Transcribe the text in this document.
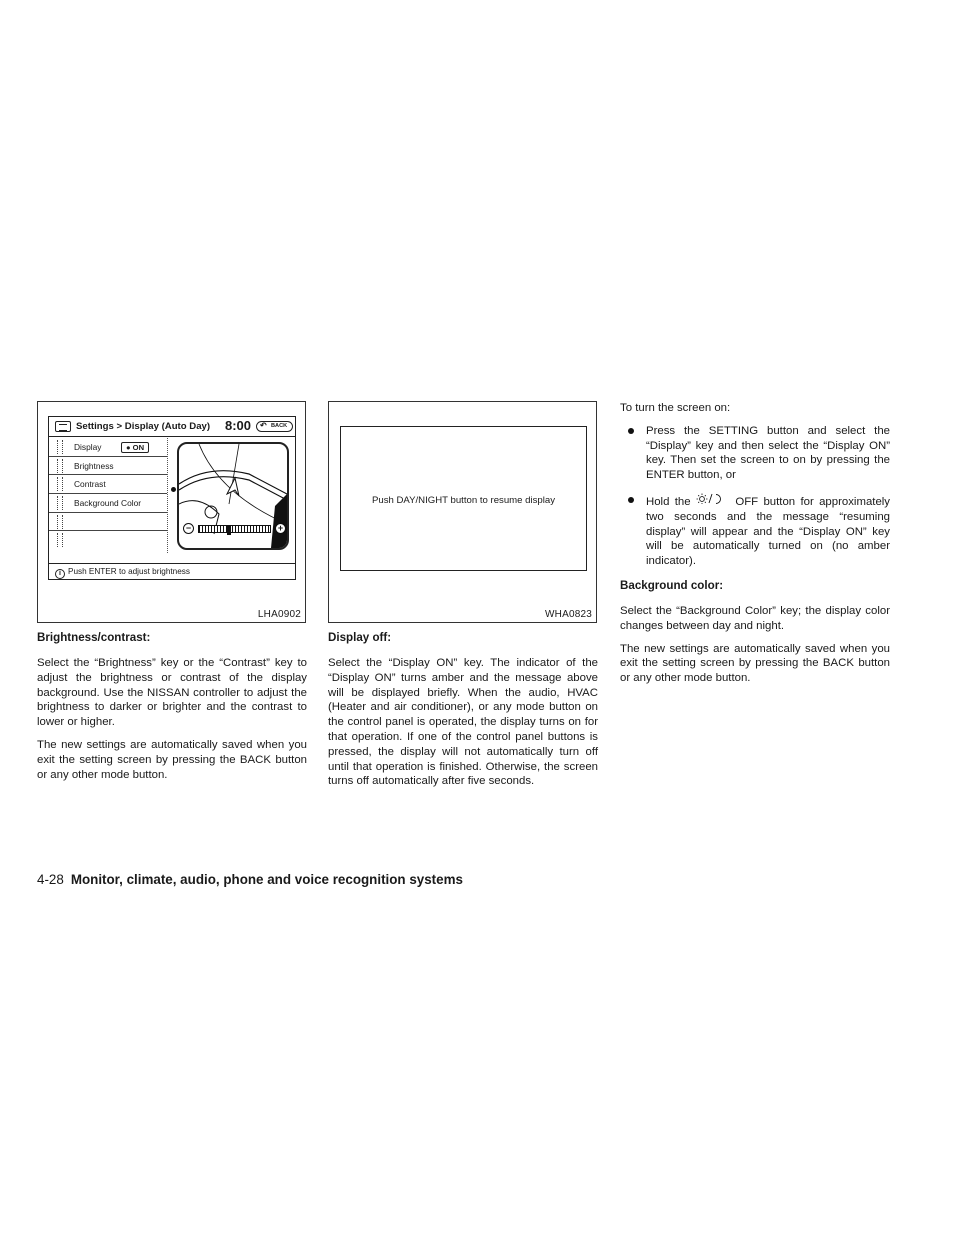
Settings > Display (Auto Day) 8:00 ↶ BACK
Display	● ON
Brightness
Contrast
Background Color
−	+
i Push ENTER to adjust brightness
LHA0902
Brightness/contrast:

Select the “Brightness” key or the “Contrast” key to adjust the brightness or contrast of the display background. Use the NISSAN controller to adjust the brightness to darker or brighter and the contrast to lower or higher.

The new settings are automatically saved when you exit the setting screen by pressing the BACK button or any other mode button.

Push DAY/NIGHT button to resume display
WHA0823
Display off:

Select the “Display ON” key. The indicator of the “Display ON” turns amber and the message above will be displayed briefly. When the audio, HVAC (Heater and air conditioner), or any mode button on the control panel is operated, the display turns on for that operation. If one of the control panel buttons is pressed, the display will not automatically turn off until that operation is finished. Otherwise, the screen turns off automatically after five seconds.

To turn the screen on:

Press the SETTING button and select the “Display” key and then select the “Display ON” key. Then set the screen to on by pressing the ENTER button, or
Hold the	OFF button for approximately two seconds and the message “resuming display” will appear and the “Display ON” key will be automatically turned on (no amber indicator).
Background color:

Select the “Background Color” key; the display color changes between day and night.

The new settings are automatically saved when you exit the setting screen by pressing the BACK button or any other mode button.

4-28 Monitor, climate, audio, phone and voice recognition systems
